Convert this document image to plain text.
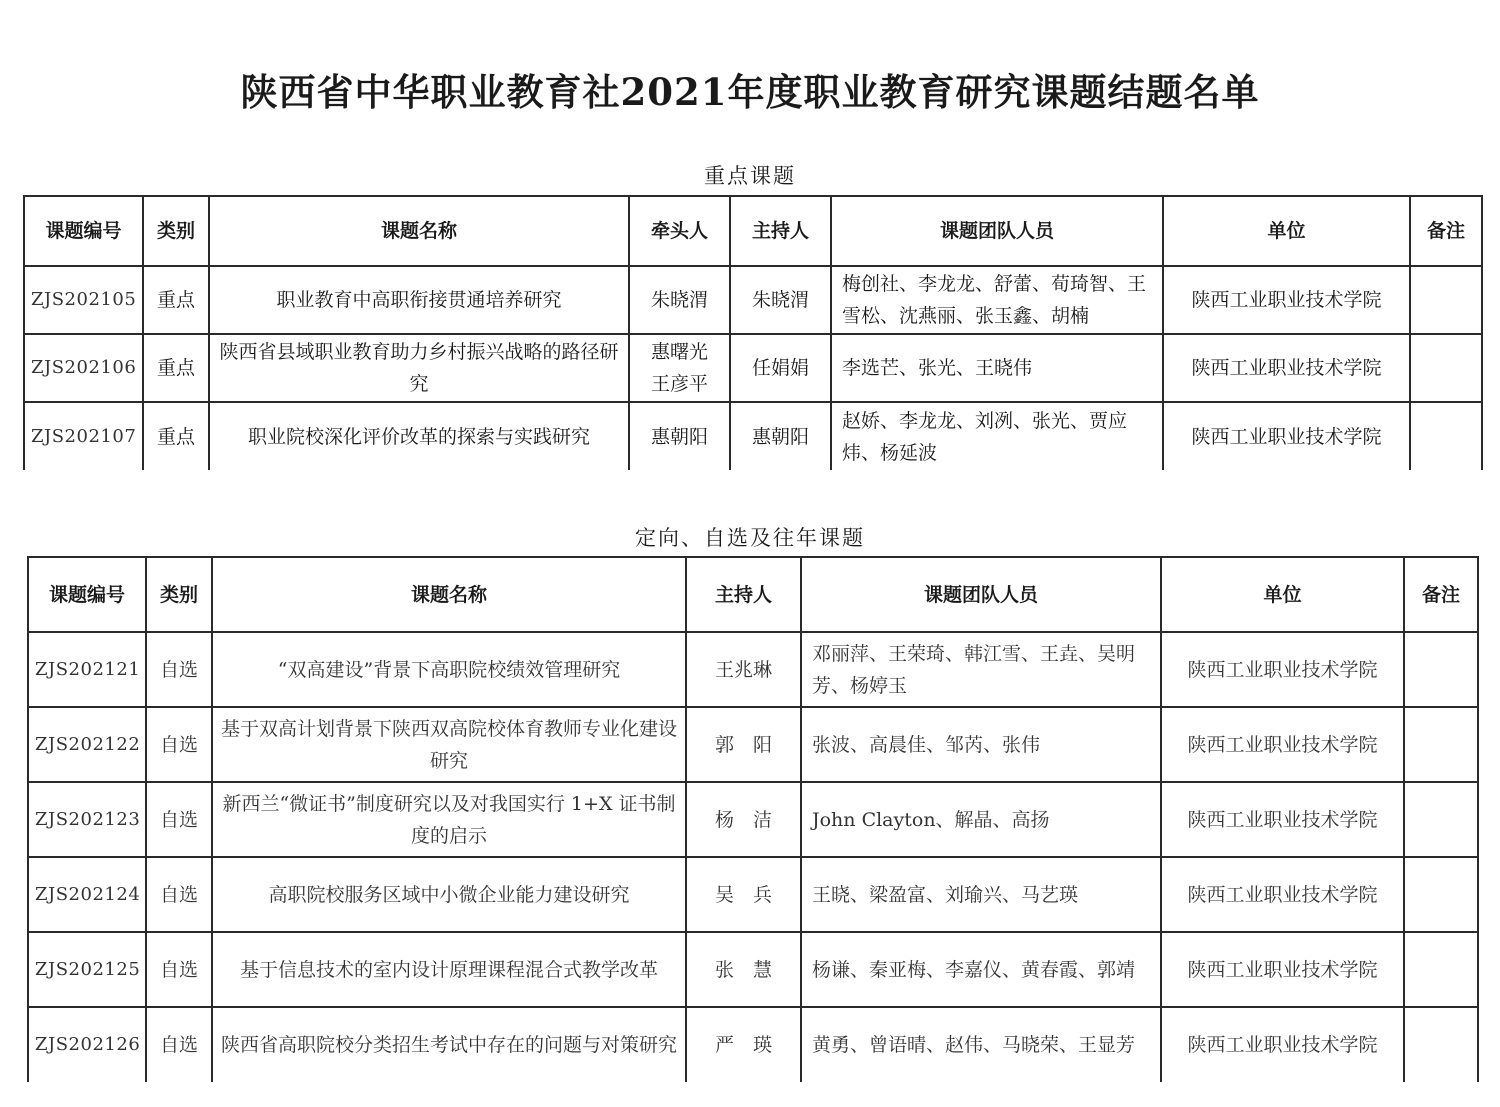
陕西省中华职业教育社2021年度职业教育研究课题结题名单
重点课题
课题编号	类别	课题名称	牵头人	主持人	课题团队人员	单位	备注
ZJS202105	重点	职业教育中高职衔接贯通培养研究	朱晓渭	朱晓渭	梅创社、李龙龙、舒蕾、荀琦智、王雪松、沈燕丽、张玉鑫、胡楠	陕西工业职业技术学院	
ZJS202106	重点	陕西省县域职业教育助力乡村振兴战略的路径研究	惠曙光 王彦平	任娟娟	李选芒、张光、王晓伟	陕西工业职业技术学院	
ZJS202107	重点	职业院校深化评价改革的探索与实践研究	惠朝阳	惠朝阳	赵娇、李龙龙、刘冽、张光、贾应炜、杨延波	陕西工业职业技术学院	
定向、自选及往年课题
课题编号	类别	课题名称	主持人	课题团队人员	单位	备注
ZJS202121	自选	“双高建设”背景下高职院校绩效管理研究	王兆琳	邓丽萍、王荣琦、韩江雪、王垚、吴明芳、杨婷玉	陕西工业职业技术学院	
ZJS202122	自选	基于双高计划背景下陕西双高院校体育教师专业化建设研究	郭　阳	张波、高晨佳、邹芮、张伟	陕西工业职业技术学院	
ZJS202123	自选	新西兰“微证书”制度研究以及对我国实行 1+X 证书制度的启示	杨　洁	John Clayton、解晶、高扬	陕西工业职业技术学院	
ZJS202124	自选	高职院校服务区域中小微企业能力建设研究	吴　兵	王晓、梁盈富、刘瑜兴、马艺瑛	陕西工业职业技术学院	
ZJS202125	自选	基于信息技术的室内设计原理课程混合式教学改革	张　慧	杨谦、秦亚梅、李嘉仪、黄春霞、郭靖	陕西工业职业技术学院	
ZJS202126	自选	陕西省高职院校分类招生考试中存在的问题与对策研究	严　瑛	黄勇、曾语晴、赵伟、马晓荣、王显芳	陕西工业职业技术学院	
